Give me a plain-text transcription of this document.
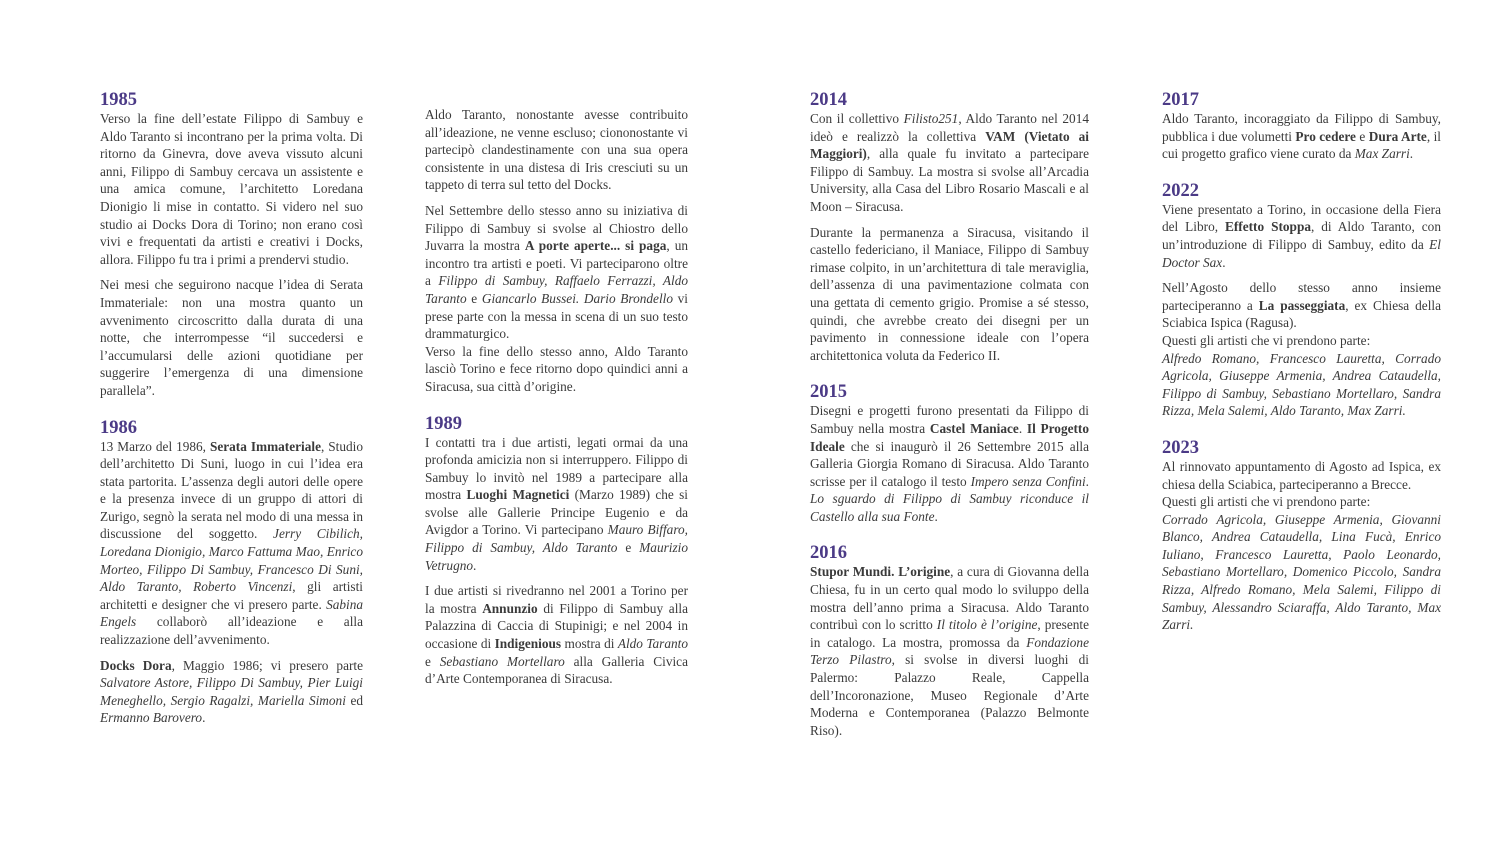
1985

Verso la fine dell’estate Filippo di Sambuy e Aldo Taranto si incontrano per la prima volta. Di ritorno da Ginevra, dove aveva vissuto alcuni anni, Filippo di Sambuy cercava un assistente e una amica comune, l’architetto Loredana Dionigio li mise in contatto. Si videro nel suo studio ai Docks Dora di Torino; non erano così vivi e frequentati da artisti e creativi i Docks, allora. Filippo fu tra i primi a prendervi studio.

Nei mesi che seguirono nacque l’idea di Serata Immateriale: non una mostra quanto un avvenimento circoscritto dalla durata di una notte, che interrompesse “il succedersi e l’accumularsi delle azioni quotidiane per suggerire l’emergenza di una dimensione parallela”.

1986

13 Marzo del 1986, Serata Immateriale, Studio dell’architetto Di Suni, luogo in cui l’idea era stata partorita. L’assenza degli autori delle opere e la presenza invece di un gruppo di attori di Zurigo, segnò la serata nel modo di una messa in discussione del soggetto. Jerry Cibilich, Loredana Dionigio, Marco Fattuma Mao, Enrico Morteo, Filippo Di Sambuy, Francesco Di Suni, Aldo Taranto, Roberto Vincenzi, gli artisti architetti e designer che vi presero parte. Sabina Engels collaborò all’ideazione e alla realizzazione dell’avvenimento.

Docks Dora, Maggio 1986; vi presero parte Salvatore Astore, Filippo Di Sambuy, Pier Luigi Meneghello, Sergio Ragalzi, Mariella Simoni ed Ermanno Barovero.

Aldo Taranto, nonostante avesse contribuito all’ideazione, ne venne escluso; ciononostante vi partecipò clandestinamente con una sua opera consistente in una distesa di Iris cresciuti su un tappeto di terra sul tetto del Docks.

Nel Settembre dello stesso anno su iniziativa di Filippo di Sambuy si svolse al Chiostro dello Juvarra la mostra A porte aperte... si paga, un incontro tra artisti e poeti. Vi parteciparono oltre a Filippo di Sambuy, Raffaelo Ferrazzi, Aldo Taranto e Giancarlo Bussei. Dario Brondello vi prese parte con la messa in scena di un suo testo drammaturgico.

Verso la fine dello stesso anno, Aldo Taranto lasciò Torino e fece ritorno dopo quindici anni a Siracusa, sua città d’origine.

1989

I contatti tra i due artisti, legati ormai da una profonda amicizia non si interruppero. Filippo di Sambuy lo invitò nel 1989 a partecipare alla mostra Luoghi Magnetici (Marzo 1989) che si svolse alle Gallerie Principe Eugenio e da Avigdor a Torino. Vi partecipano Mauro Biffaro, Filippo di Sambuy, Aldo Taranto e Maurizio Vetrugno.

I due artisti si rivedranno nel 2001 a Torino per la mostra Annunzio di Filippo di Sambuy alla Palazzina di Caccia di Stupinigi; e nel 2004 in occasione di Indigenious mostra di Aldo Taranto e Sebastiano Mortellaro alla Galleria Civica d’Arte Contemporanea di Siracusa.

2014

Con il collettivo Filisto251, Aldo Taranto nel 2014 ideò e realizzò la collettiva VAM (Vietato ai Maggiori), alla quale fu invitato a partecipare Filippo di Sambuy. La mostra si svolse all’Arcadia University, alla Casa del Libro Rosario Mascali e al Moon – Siracusa.

Durante la permanenza a Siracusa, visitando il castello federiciano, il Maniace, Filippo di Sambuy rimase colpito, in un’architettura di tale meraviglia, dell’assenza di una pavimentazione colmata con una gettata di cemento grigio. Promise a sé stesso, quindi, che avrebbe creato dei disegni per un pavimento in connessione ideale con l’opera architettonica voluta da Federico II.

2015

Disegni e progetti furono presentati da Filippo di Sambuy nella mostra Castel Maniace. Il Progetto Ideale che si inaugurò il 26 Settembre 2015 alla Galleria Giorgia Romano di Siracusa. Aldo Taranto scrisse per il catalogo il testo Impero senza Confini. Lo sguardo di Filippo di Sambuy riconduce il Castello alla sua Fonte.

2016

Stupor Mundi. L’origine, a cura di Giovanna della Chiesa, fu in un certo qual modo lo sviluppo della mostra dell’anno prima a Siracusa. Aldo Taranto contribuì con lo scritto Il titolo è l’origine, presente in catalogo. La mostra, promossa da Fondazione Terzo Pilastro, si svolse in diversi luoghi di Palermo: Palazzo Reale, Cappella dell’Incoronazione, Museo Regionale d’Arte Moderna e Contemporanea (Palazzo Belmonte Riso).

2017

Aldo Taranto, incoraggiato da Filippo di Sambuy, pubblica i due volumetti Pro cedere e Dura Arte, il cui progetto grafico viene curato da Max Zarri.

2022

Viene presentato a Torino, in occasione della Fiera del Libro, Effetto Stoppa, di Aldo Taranto, con un’introduzione di Filippo di Sambuy, edito da El Doctor Sax.

Nell’Agosto dello stesso anno insieme parteciperanno a La passeggiata, ex Chiesa della Sciabica Ispica (Ragusa).

Questi gli artisti che vi prendono parte:

Alfredo Romano, Francesco Lauretta, Corrado Agricola, Giuseppe Armenia, Andrea Cataudella, Filippo di Sambuy, Sebastiano Mortellaro, Sandra Rizza, Mela Salemi, Aldo Taranto, Max Zarri.

2023

Al rinnovato appuntamento di Agosto ad Ispica, ex chiesa della Sciabica, parteciperanno a Brecce.

Questi gli artisti che vi prendono parte:

Corrado Agricola, Giuseppe Armenia, Giovanni Blanco, Andrea Cataudella, Lina Fucà, Enrico Iuliano, Francesco Lauretta, Paolo Leonardo, Sebastiano Mortellaro, Domenico Piccolo, Sandra Rizza, Alfredo Romano, Mela Salemi, Filippo di Sambuy, Alessandro Sciaraffa, Aldo Taranto, Max Zarri.
